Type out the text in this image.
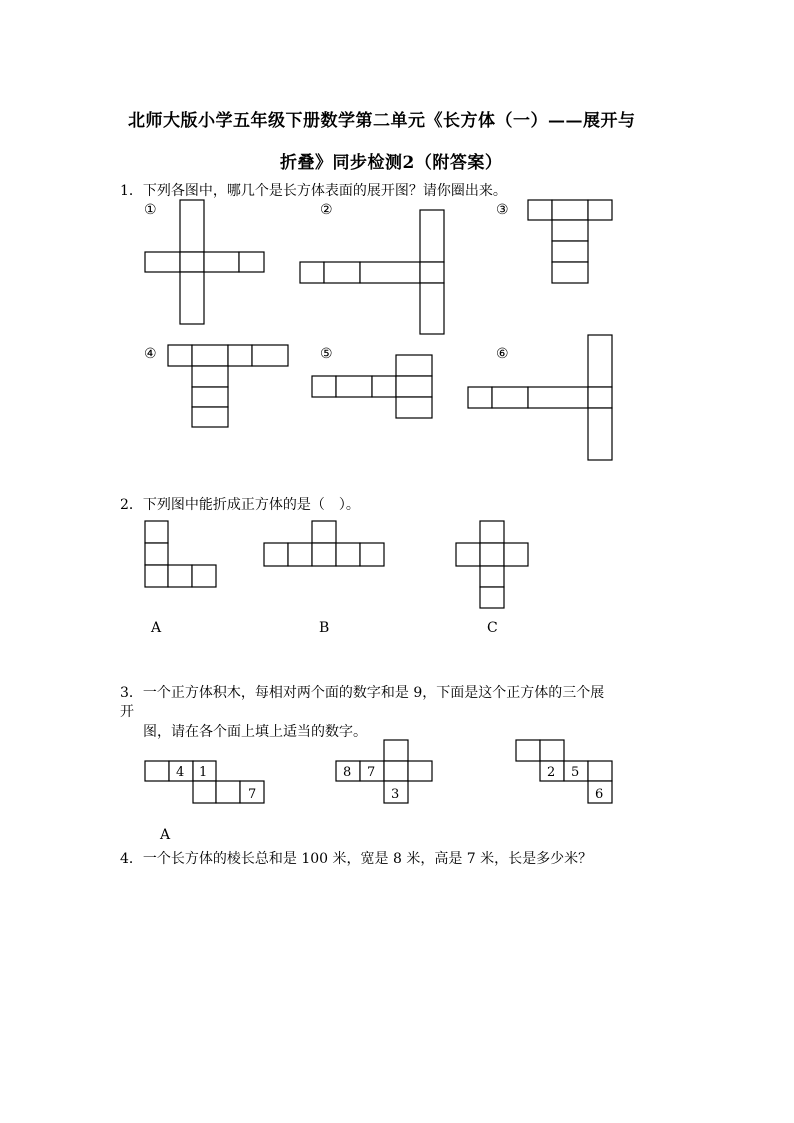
北师大版小学五年级下册数学第二单元《长方体（一）——展开与
折叠》同步检测2（附答案）
1．下列各图中，哪几个是长方体表面的展开图？请你圈出来。
①	②	③
④	⑤	⑥
2．下列图中能折成正方体的是（　）。
A	B	C
3．一个正方体积木，每相对两个面的数字和是 9，下面是这个正方体的三个展
开
图，请在各个面上填上适当的数字。
4 1
7
8 7
3
2 5
6
A
4．一个长方体的棱长总和是 100 米，宽是 8 米，高是 7 米，长是多少米？
